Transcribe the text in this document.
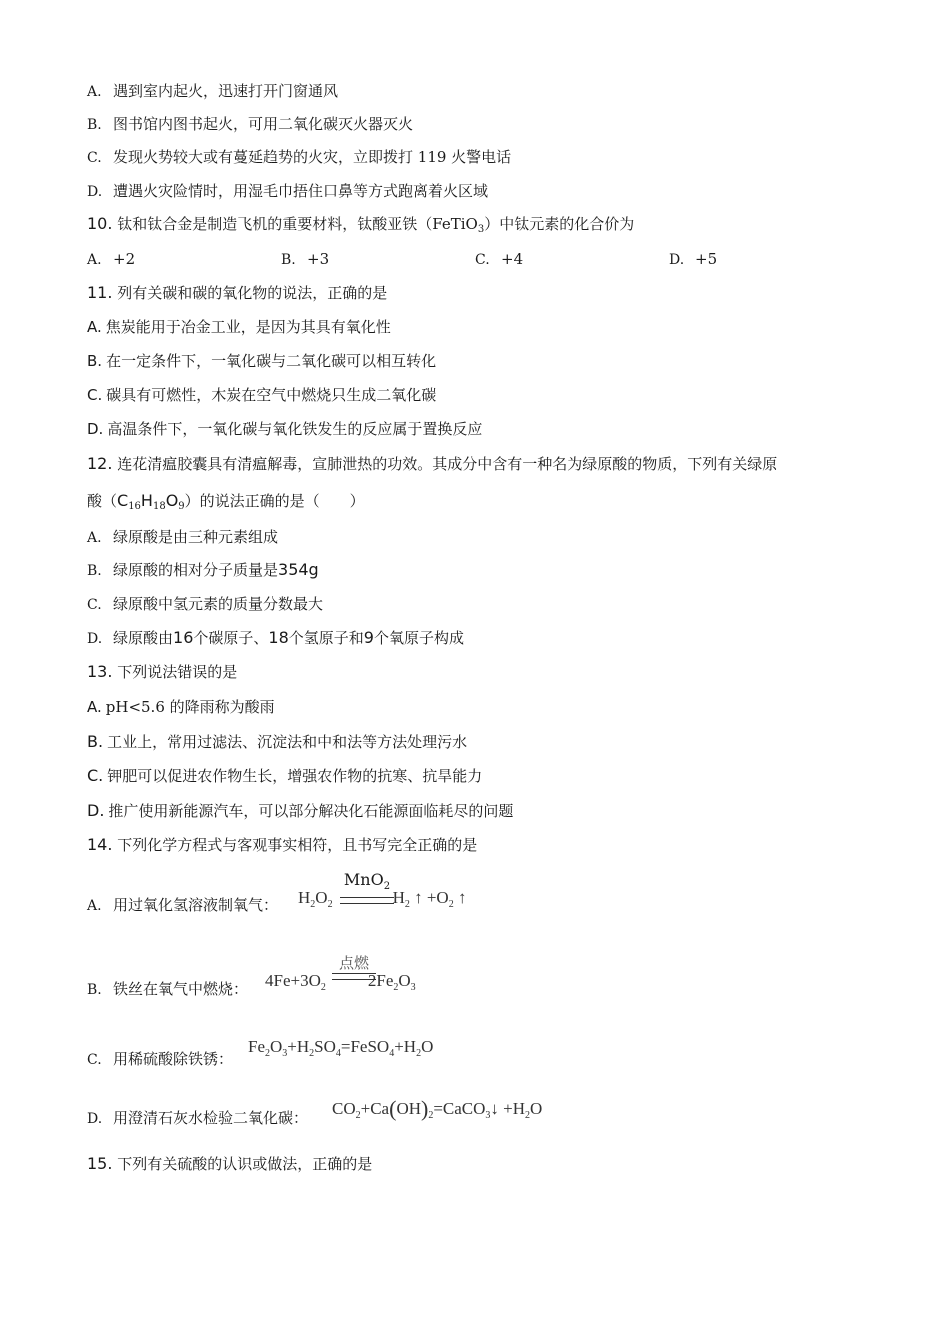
A. 遇到室内起火，迅速打开门窗通风
B. 图书馆内图书起火，可用二氧化碳灭火器灭火
C. 发现火势较大或有蔓延趋势的火灾，立即拨打 119 火警电话
D. 遭遇火灾险情时，用湿毛巾捂住口鼻等方式跑离着火区域
10. 钛和钛合金是制造飞机的重要材料，钛酸亚铁（FeTiO$_3$）中钛元素的化合价为
A. +2	B. +3	C. +4	D. +5
11. 列有关碳和碳的氧化物的说法，正确的是
A. 焦炭能用于冶金工业，是因为其具有氧化性
B. 在一定条件下，一氧化碳与二氧化碳可以相互转化
C. 碳具有可燃性，木炭在空气中燃烧只生成二氧化碳
D. 高温条件下，一氧化碳与氧化铁发生的反应属于置换反应
12. 连花清瘟胶囊具有清瘟解毒，宣肺泄热的功效。其成分中含有一种名为绿原酸的物质，下列有关绿原
酸$(C_{16}H_{18}O_9)$的说法正确的是（　　）
A. 绿原酸是由三种元素组成
B. 绿原酸的相对分子质量是354g
C. 绿原酸中氢元素的质量分数最大
D. 绿原酸由16个碳原子、18个氢原子和9个氧原子构成
13. 下列说法错误的是
A. pH<5.6 的降雨称为酸雨
B. 工业上，常用过滤法、沉淀法和中和法等方法处理污水
C. 钾肥可以促进农作物生长，增强农作物的抗寒、抗旱能力
D. 推广使用新能源汽车，可以部分解决化石能源面临耗尽的问题
14. 下列化学方程式与客观事实相符，且书写完全正确的是
A. 用过氧化氢溶液制氧气： $H_2O_2$	$H_2$ ↑ $+O_2$ ↑
MnO$_2$
B. 铁丝在氧气中燃烧： $4Fe+3O_2$ $2Fe_2O_3$
点燃
C. 用稀硫酸除铁锈：
$Fe_2O_3+H_2SO_4=FeSO_4+H_2O$
D. 用澄清石灰水检验二氧化碳： $CO_2+Ca(OH)_2=CaCO_3↓ +H_2O$
15. 下列有关硫酸的认识或做法，正确的是
